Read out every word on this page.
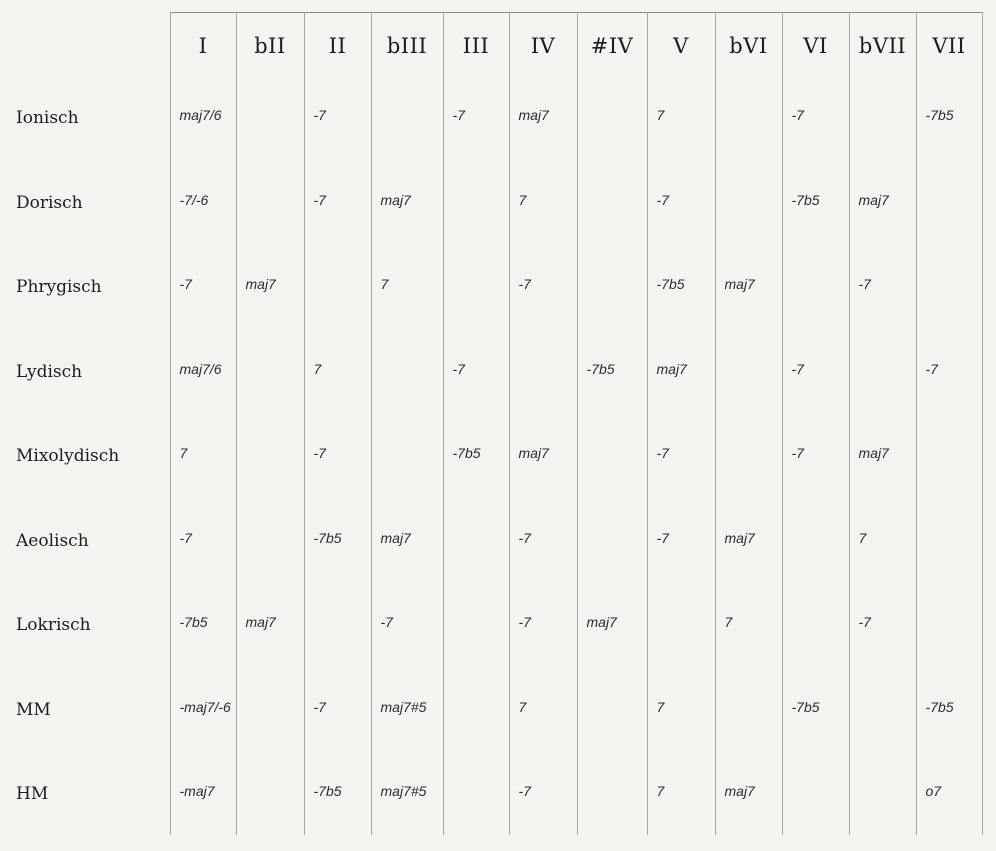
	I	bII	II	bIII	III	IV	#IV	V	bVI	VI	bVII	VII
Ionisch	maj7/6		-7		-7	maj7		7		-7		-7b5
Dorisch	-7/-6		-7	maj7		7		-7		-7b5	maj7	
Phrygisch	-7	maj7		7		-7		-7b5	maj7		-7	
Lydisch	maj7/6		7		-7		-7b5	maj7		-7		-7
Mixolydisch	7		-7		-7b5	maj7		-7		-7	maj7	
Aeolisch	-7		-7b5	maj7		-7		-7	maj7		7	
Lokrisch	-7b5	maj7		-7		-7	maj7		7		-7	
MM	-maj7/-6		-7	maj7#5		7		7		-7b5		-7b5
HM	-maj7		-7b5	maj7#5		-7		7	maj7			o7
